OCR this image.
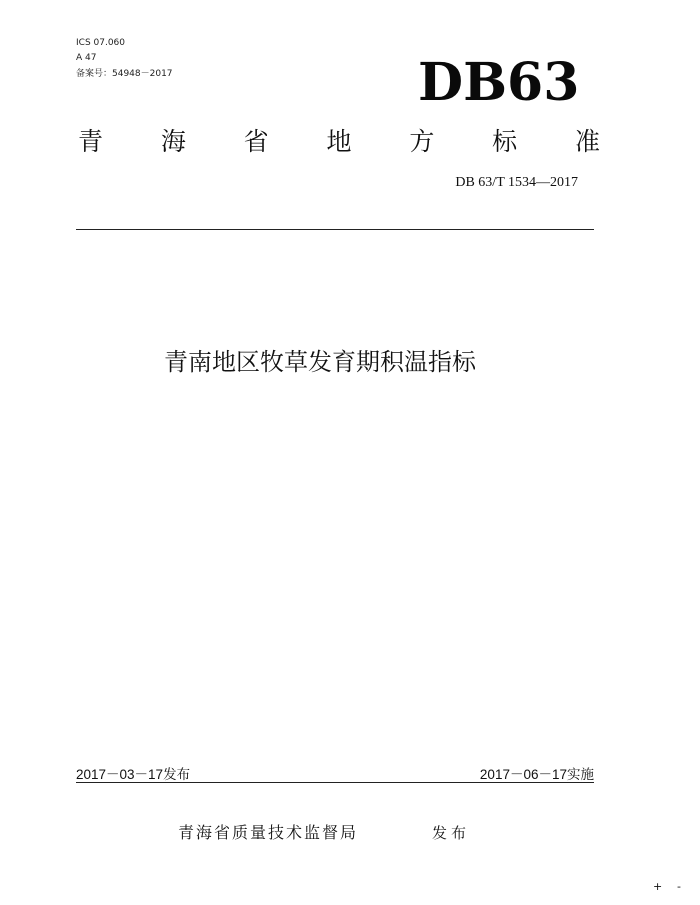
ICS 07.060
A 47
备案号：54948－2017	DB63
青 海 省 地 方 标 准
DB 63/T 1534—2017
青南地区牧草发育期积温指标
2017－03－17发布	2017－06－17实施
青海省质量技术监督局	发布
+ -
